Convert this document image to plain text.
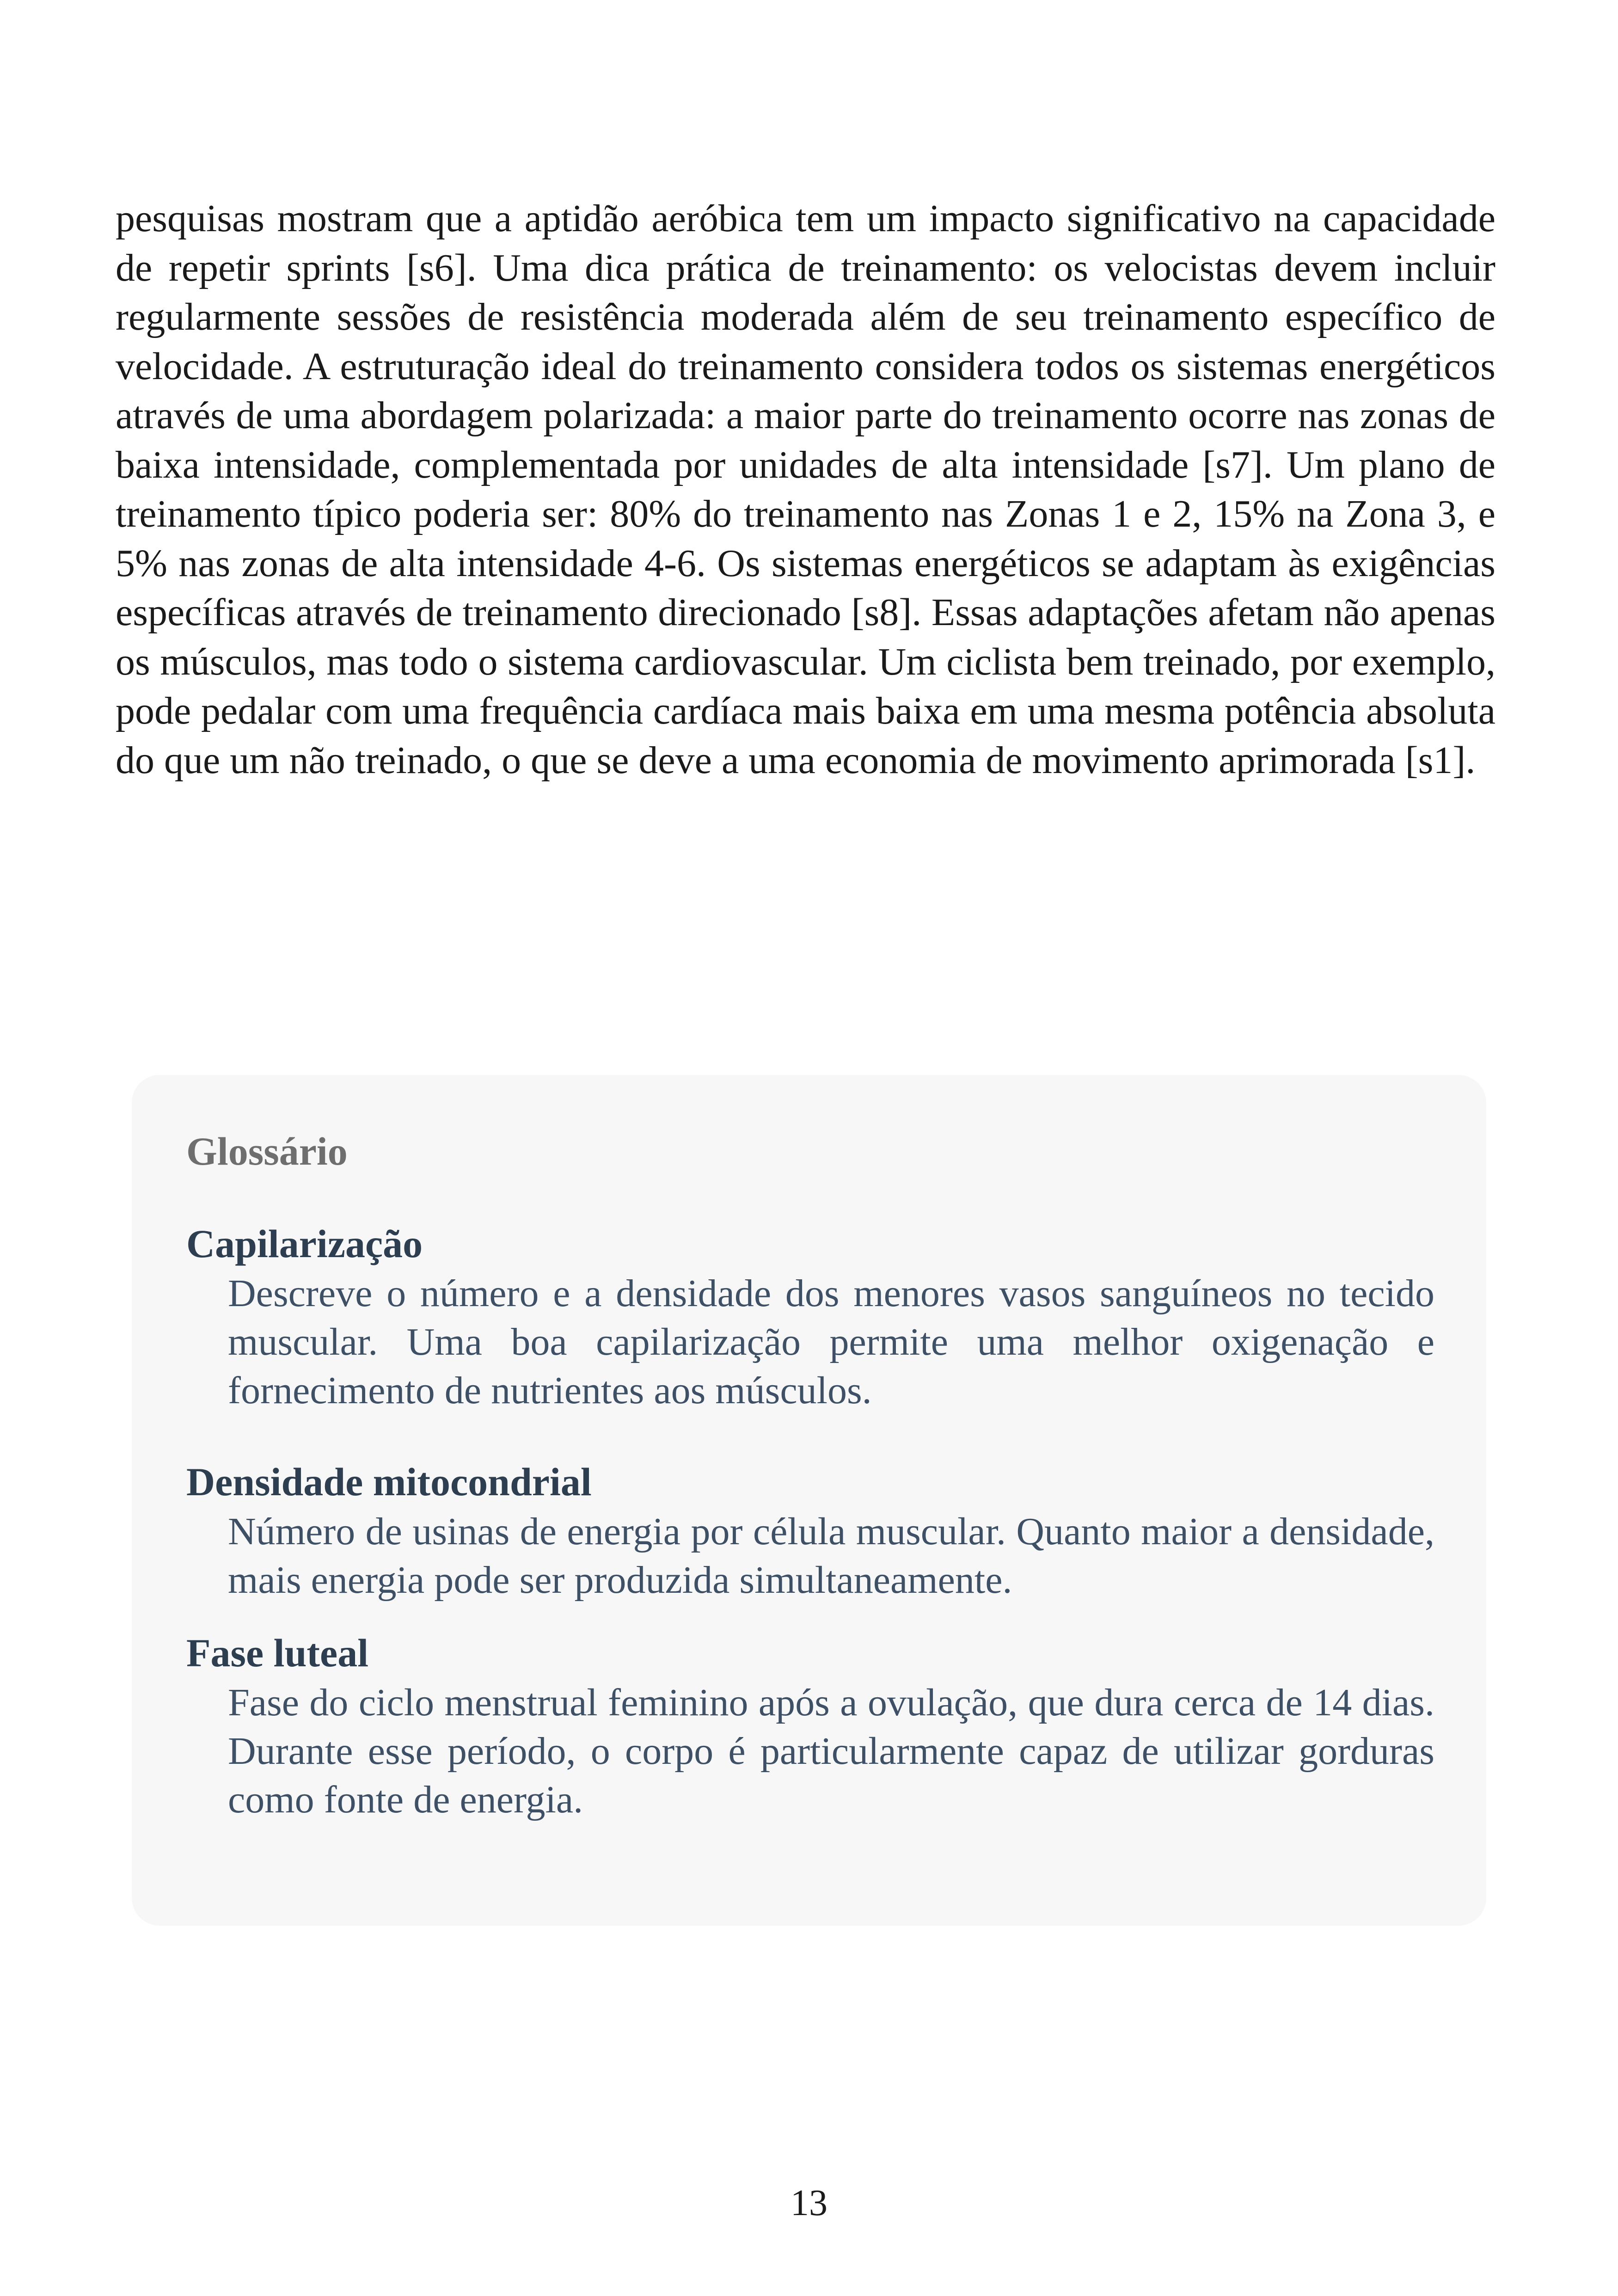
pesquisas mostram que a aptidão aeróbica tem um impacto significativo na capacidade de repetir sprints [s6]. Uma dica prática de treinamento: os velocistas devem incluir regularmente sessões de resistência moderada além de seu treinamento específico de velocidade. A estruturação ideal do treinamento considera todos os sistemas energéticos através de uma abordagem polarizada: a maior parte do treinamento ocorre nas zonas de baixa intensidade, complementada por unidades de alta intensidade [s7]. Um plano de treinamento típico poderia ser: 80% do treinamento nas Zonas 1 e 2, 15% na Zona 3, e 5% nas zonas de alta intensidade 4-6. Os sistemas energéticos se adaptam às exigências específicas através de treinamento direcionado [s8]. Essas adaptações afetam não apenas os músculos, mas todo o sistema cardiovascular. Um ciclista bem treinado, por exemplo, pode pedalar com uma frequência cardíaca mais baixa em uma mesma potência absoluta do que um não treinado, o que se deve a uma economia de movimento aprimorada [s1].

Glossário
Capilarização

Descreve o número e a densidade dos menores vasos sanguíneos no tecido muscular. Uma boa capilarização permite uma melhor oxigenação e fornecimento de nutrientes aos músculos.

Densidade mitocondrial

Número de usinas de energia por célula muscular. Quanto maior a densidade, mais energia pode ser produzida simultaneamente.

Fase luteal

Fase do ciclo menstrual feminino após a ovulação, que dura cerca de 14 dias. Durante esse período, o corpo é particularmente capaz de utilizar gorduras como fonte de energia.

13
